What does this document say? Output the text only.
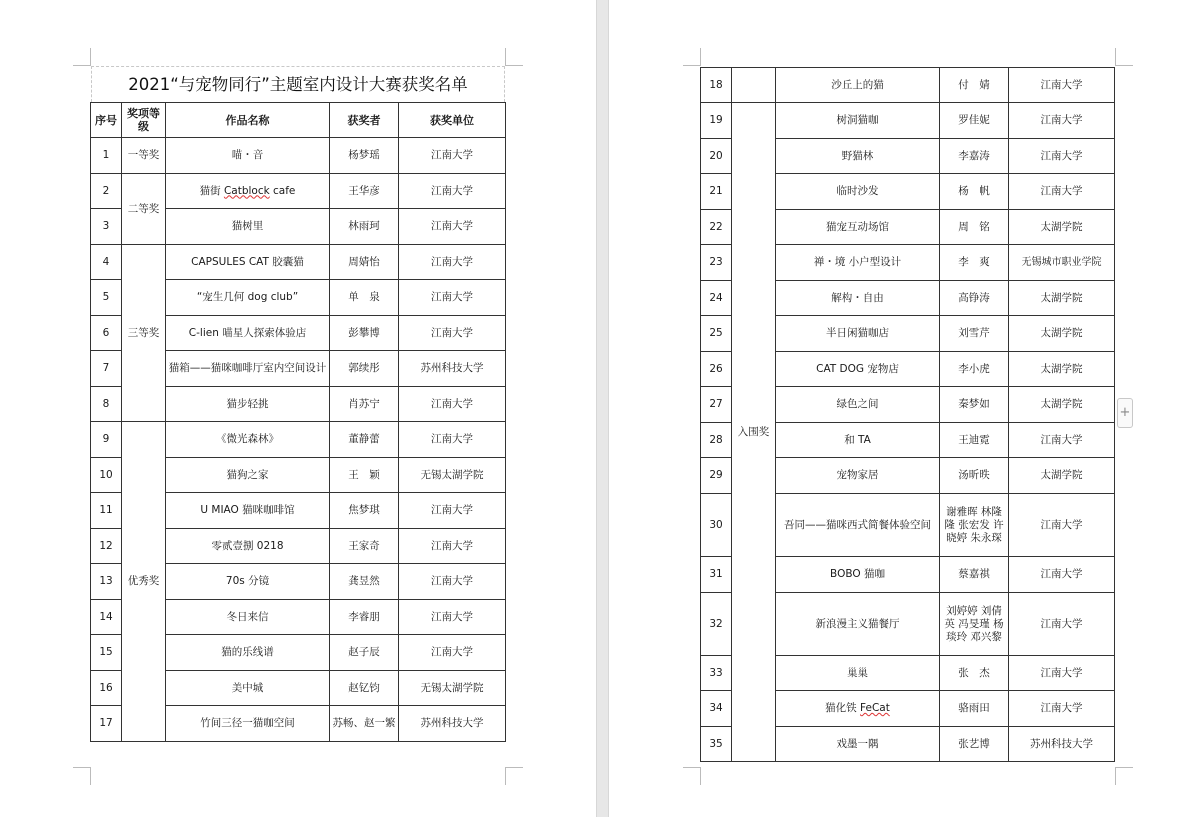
2021“与宠物同行”主题室内设计大赛获奖名单
序号	奖项等级	作品名称	获奖者	获奖单位
1	一等奖	喵・音	杨梦瑶	江南大学
2	二等奖	猫街 Catblock cafe	王华彦	江南大学
3		猫树里	林雨珂	江南大学
4	三等奖	CAPSULES CAT 胶囊猫	周婧怡	江南大学
5		“宠生几何 dog club”	单　泉	江南大学
6		C-lien 喵星人探索体验店	彭攀博	江南大学
7		猫箱——猫咪咖啡厅室内空间设计	郭续彤	苏州科技大学
8		猫步轻挑	肖苏宁	江南大学
9	优秀奖	《微光森林》	董静蕾	江南大学
10		猫狗之家	王　颖	无锡太湖学院
11		U MIAO 猫咪咖啡馆	焦梦琪	江南大学
12		零贰壹捌 0218	王家奇	江南大学
13		70s 分镜	龚昱然	江南大学
14		冬日来信	李睿朋	江南大学
15		猫的乐线谱	赵子辰	江南大学
16		美中城	赵钇钧	无锡太湖学院
17		竹间三径一猫咖空间	苏畅、赵一繁	苏州科技大学
18		沙丘上的猫	付　婧	江南大学
19	入围奖	树洞猫咖	罗佳妮	江南大学
20		野猫林	李嘉涛	江南大学
21		临时沙发	杨　帆	江南大学
22		猫宠互动场馆	周　铭	太湖学院
23		禅・境 小户型设计	李　爽	无锡城市职业学院
24		解构・自由	高铮涛	太湖学院
25		半日闲猫咖店	刘雪芹	太湖学院
26		CAT DOG 宠物店	李小虎	太湖学院
27		绿色之间	秦梦如	太湖学院
28		和 TA	王迪霓	江南大学
29		宠物家居	汤昕昳	太湖学院
30		吾同——猫咪西式简餐体验空间	谢雅晖 林隆隆 张宏发 许晓婷 朱永琛	江南大学
31		BOBO 猫咖	蔡嘉祺	江南大学
32		新浪漫主义猫餐厅	刘婷婷 刘倩英 冯旻瑾 杨琰玲 邓兴黎	江南大学
33		巢巢	张　杰	江南大学
34		猫化铁 FeCat	骆雨田	江南大学
35		戏墨一隅	张艺博	苏州科技大学
+
